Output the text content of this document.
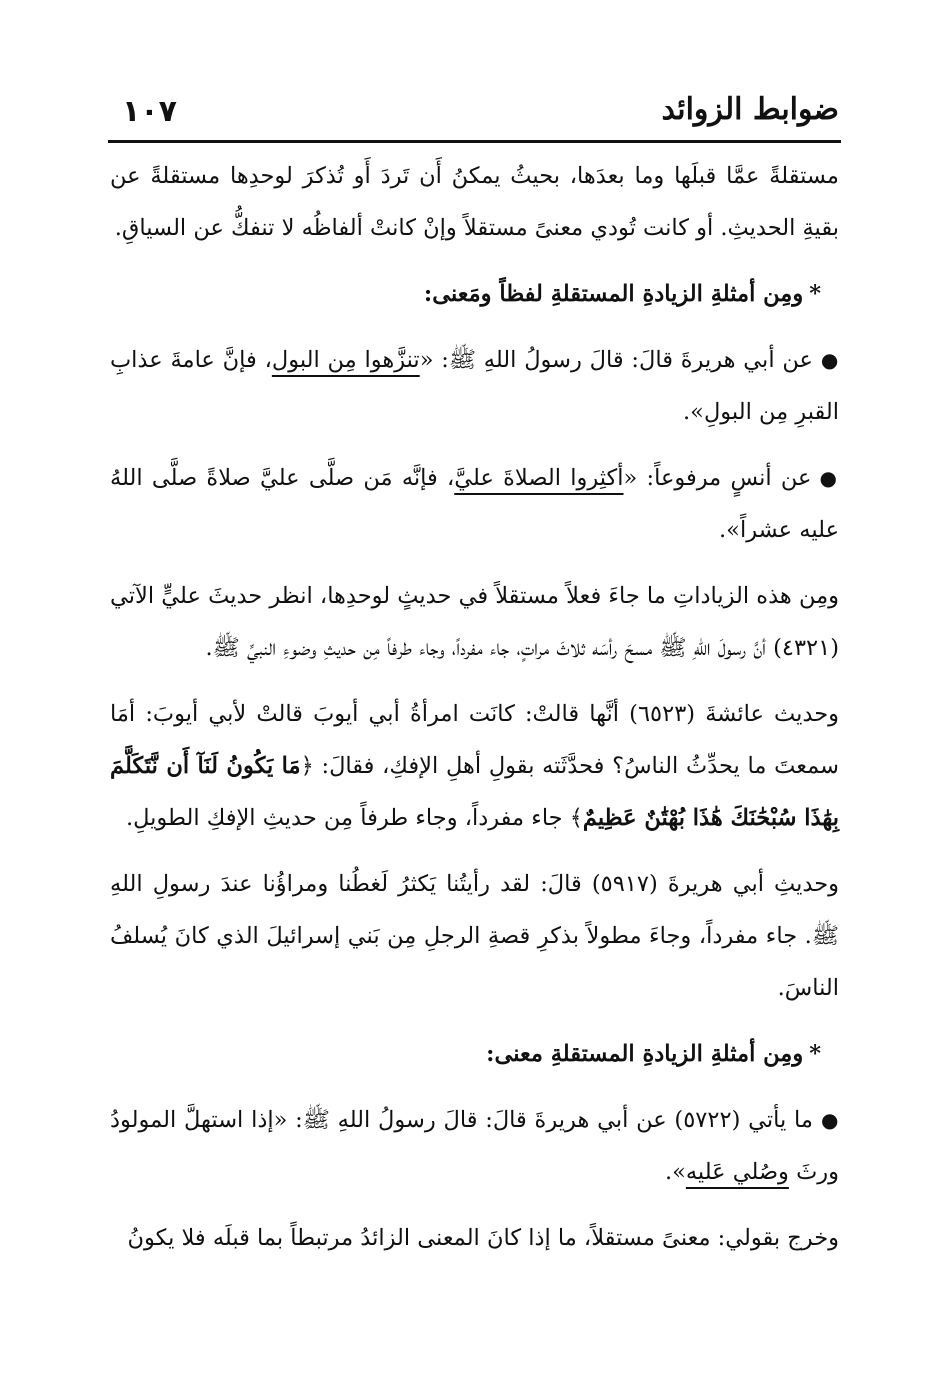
١٠٧	ضوابط الزوائد

مستقلةً عمَّا قبلَها وما بعدَها، بحيثُ يمكنُ أَن تَردَ أَو تُذكرَ لوحدِها مستقلةً عن بقيةِ الحديثِ. أو كانت تُودي معنىً مستقلاً وإنْ كانتْ ألفاظُه لا تنفكُّ عن السياقِ.

*ومِن أمثلةِ الزيادةِ المستقلةِ لفظاً ومَعنى:

●عن أبي هريرةَ قالَ: قالَ رسولُ اللهِ ﷺ: «تنزَّهوا مِن البول، فإنَّ عامةَ عذابِ القبرِ مِن البولِ».

●عن أنسٍ مرفوعاً: «أكثِروا الصلاةَ عليَّ، فإنَّه مَن صلَّى عليَّ صلاةً صلَّى اللهُ عليه عشراً».

ومِن هذه الزياداتِ ما جاءَ فعلاً مستقلاً في حديثٍ لوحدِها، انظر حديثَ عليٍّ الآتي (٤٣٢١) أنَّ رسولَ اللهِ ﷺ مسحَ رأسَه ثلاثَ مراتٍ، جاء مفرداً، وجاء طرفاً مِن حديثِ وضوءِ النبيِّ ﷺ.

وحديث عائشةَ (٦٥٢٣) أنَّها قالتْ: كانَت امرأةُ أبي أيوبَ قالتْ لأبي أيوبَ: أمَا سمعتَ ما يحدِّثُ الناسُ؟ فحدَّثَته بقولِ أهلِ الإفكِ، فقالَ: ﴿مَا يَكُونُ لَنَآ أَن نَّتَكَلَّمَ بِهَٰذَا سُبْحَٰنَكَ هَٰذَا بُهْتَٰنٌ عَظِيمٌ﴾ جاء مفرداً، وجاء طرفاً مِن حديثِ الإفكِ الطويلِ.

وحديثِ أبي هريرةَ (٥٩١٧) قالَ: لقد رأيتُنا يَكثرُ لَغطُنا ومراؤُنا عندَ رسولِ اللهِ ﷺ. جاء مفرداً، وجاءَ مطولاً بذكرِ قصةِ الرجلِ مِن بَني إسرائيلَ الذي كانَ يُسلفُ الناسَ.

*ومِن أمثلةِ الزيادةِ المستقلةِ معنى:

●ما يأتي (٥٧٢٢) عن أبي هريرةَ قالَ: قالَ رسولُ اللهِ ﷺ: «إذا استهلَّ المولودُ ورثَ وصُلي عَليه».

وخرج بقولي: معنىً مستقلاً، ما إذا كانَ المعنى الزائدُ مرتبطاً بما قبلَه فلا يكونُ
